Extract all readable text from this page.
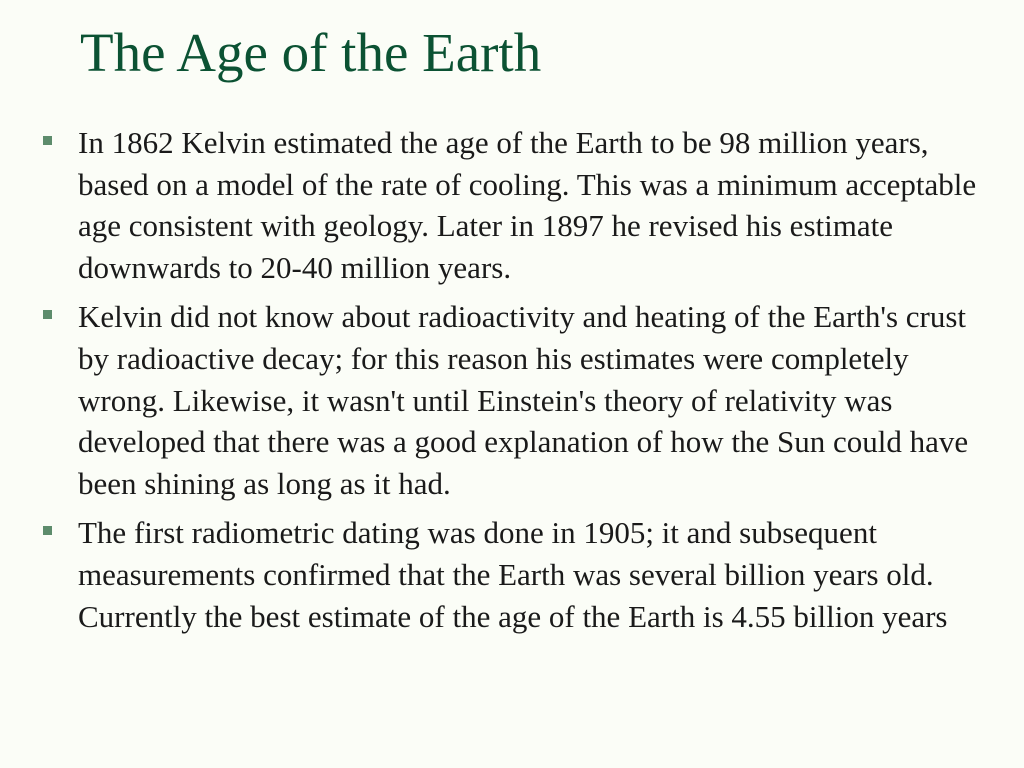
The Age of the Earth
In 1862 Kelvin estimated the age of the Earth to be 98 million years, based on a model of the rate of cooling. This was a minimum acceptable age consistent with geology. Later in 1897 he revised his estimate downwards to 20-40 million years.
Kelvin did not know about radioactivity and heating of the Earth's crust by radioactive decay; for this reason his estimates were completely wrong. Likewise, it wasn't until Einstein's theory of relativity was developed that there was a good explanation of how the Sun could have been shining as long as it had.
The first radiometric dating was done in 1905; it and subsequent measurements confirmed that the Earth was several billion years old. Currently the best estimate of the age of the Earth is 4.55 billion years
